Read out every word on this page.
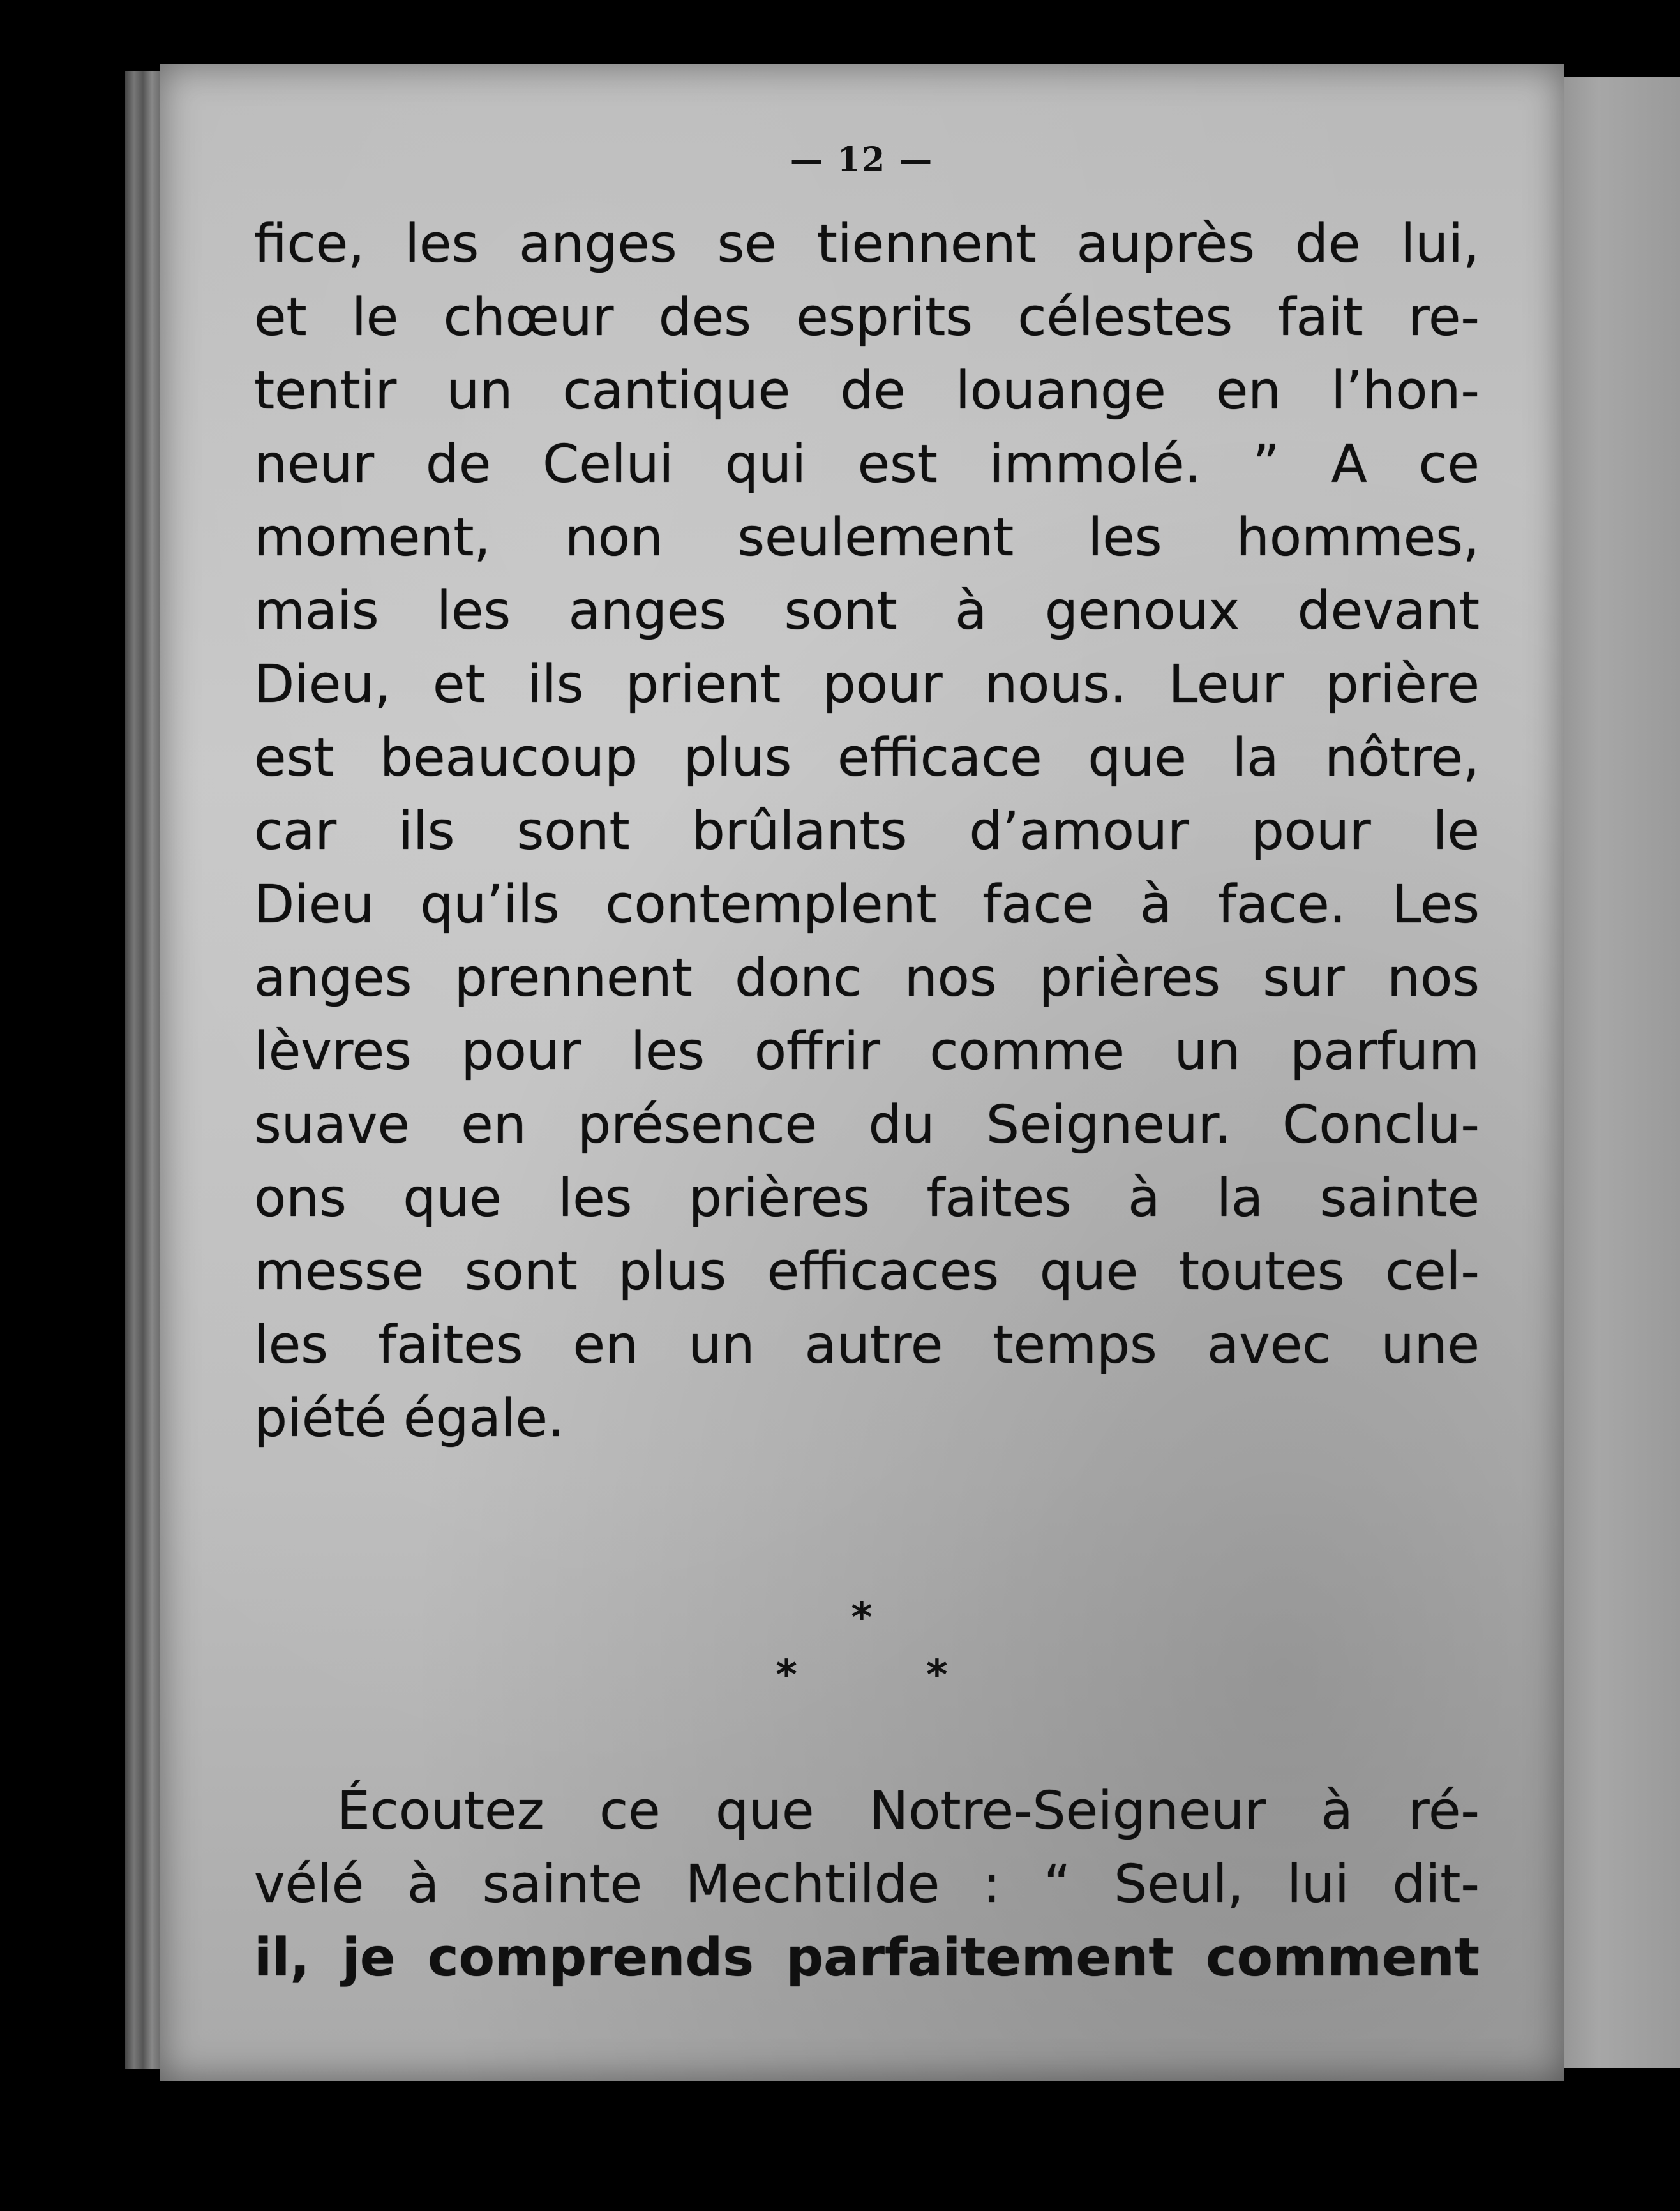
— 12 —
fice, les anges se tiennent auprès de lui,
et le chœur des esprits célestes fait re-
tentir un cantique de louange en l’hon-
neur de Celui qui est immolé. ” A ce
moment, non seulement les hommes,
mais les anges sont à genoux devant
Dieu, et ils prient pour nous. Leur prière
est beaucoup plus efficace que la nôtre,
car ils sont brûlants d’amour pour le
Dieu qu’ils contemplent face à face. Les
anges prennent donc nos prières sur nos
lèvres pour les offrir comme un parfum
suave en présence du Seigneur. Conclu-
ons que les prières faites à la sainte
messe sont plus efficaces que toutes cel-
les faites en un autre temps avec une
piété égale.
*
* *
Écoutez ce que Notre-Seigneur à ré-
vélé à sainte Mechtilde : “ Seul, lui dit-
il, je comprends parfaitement comment
